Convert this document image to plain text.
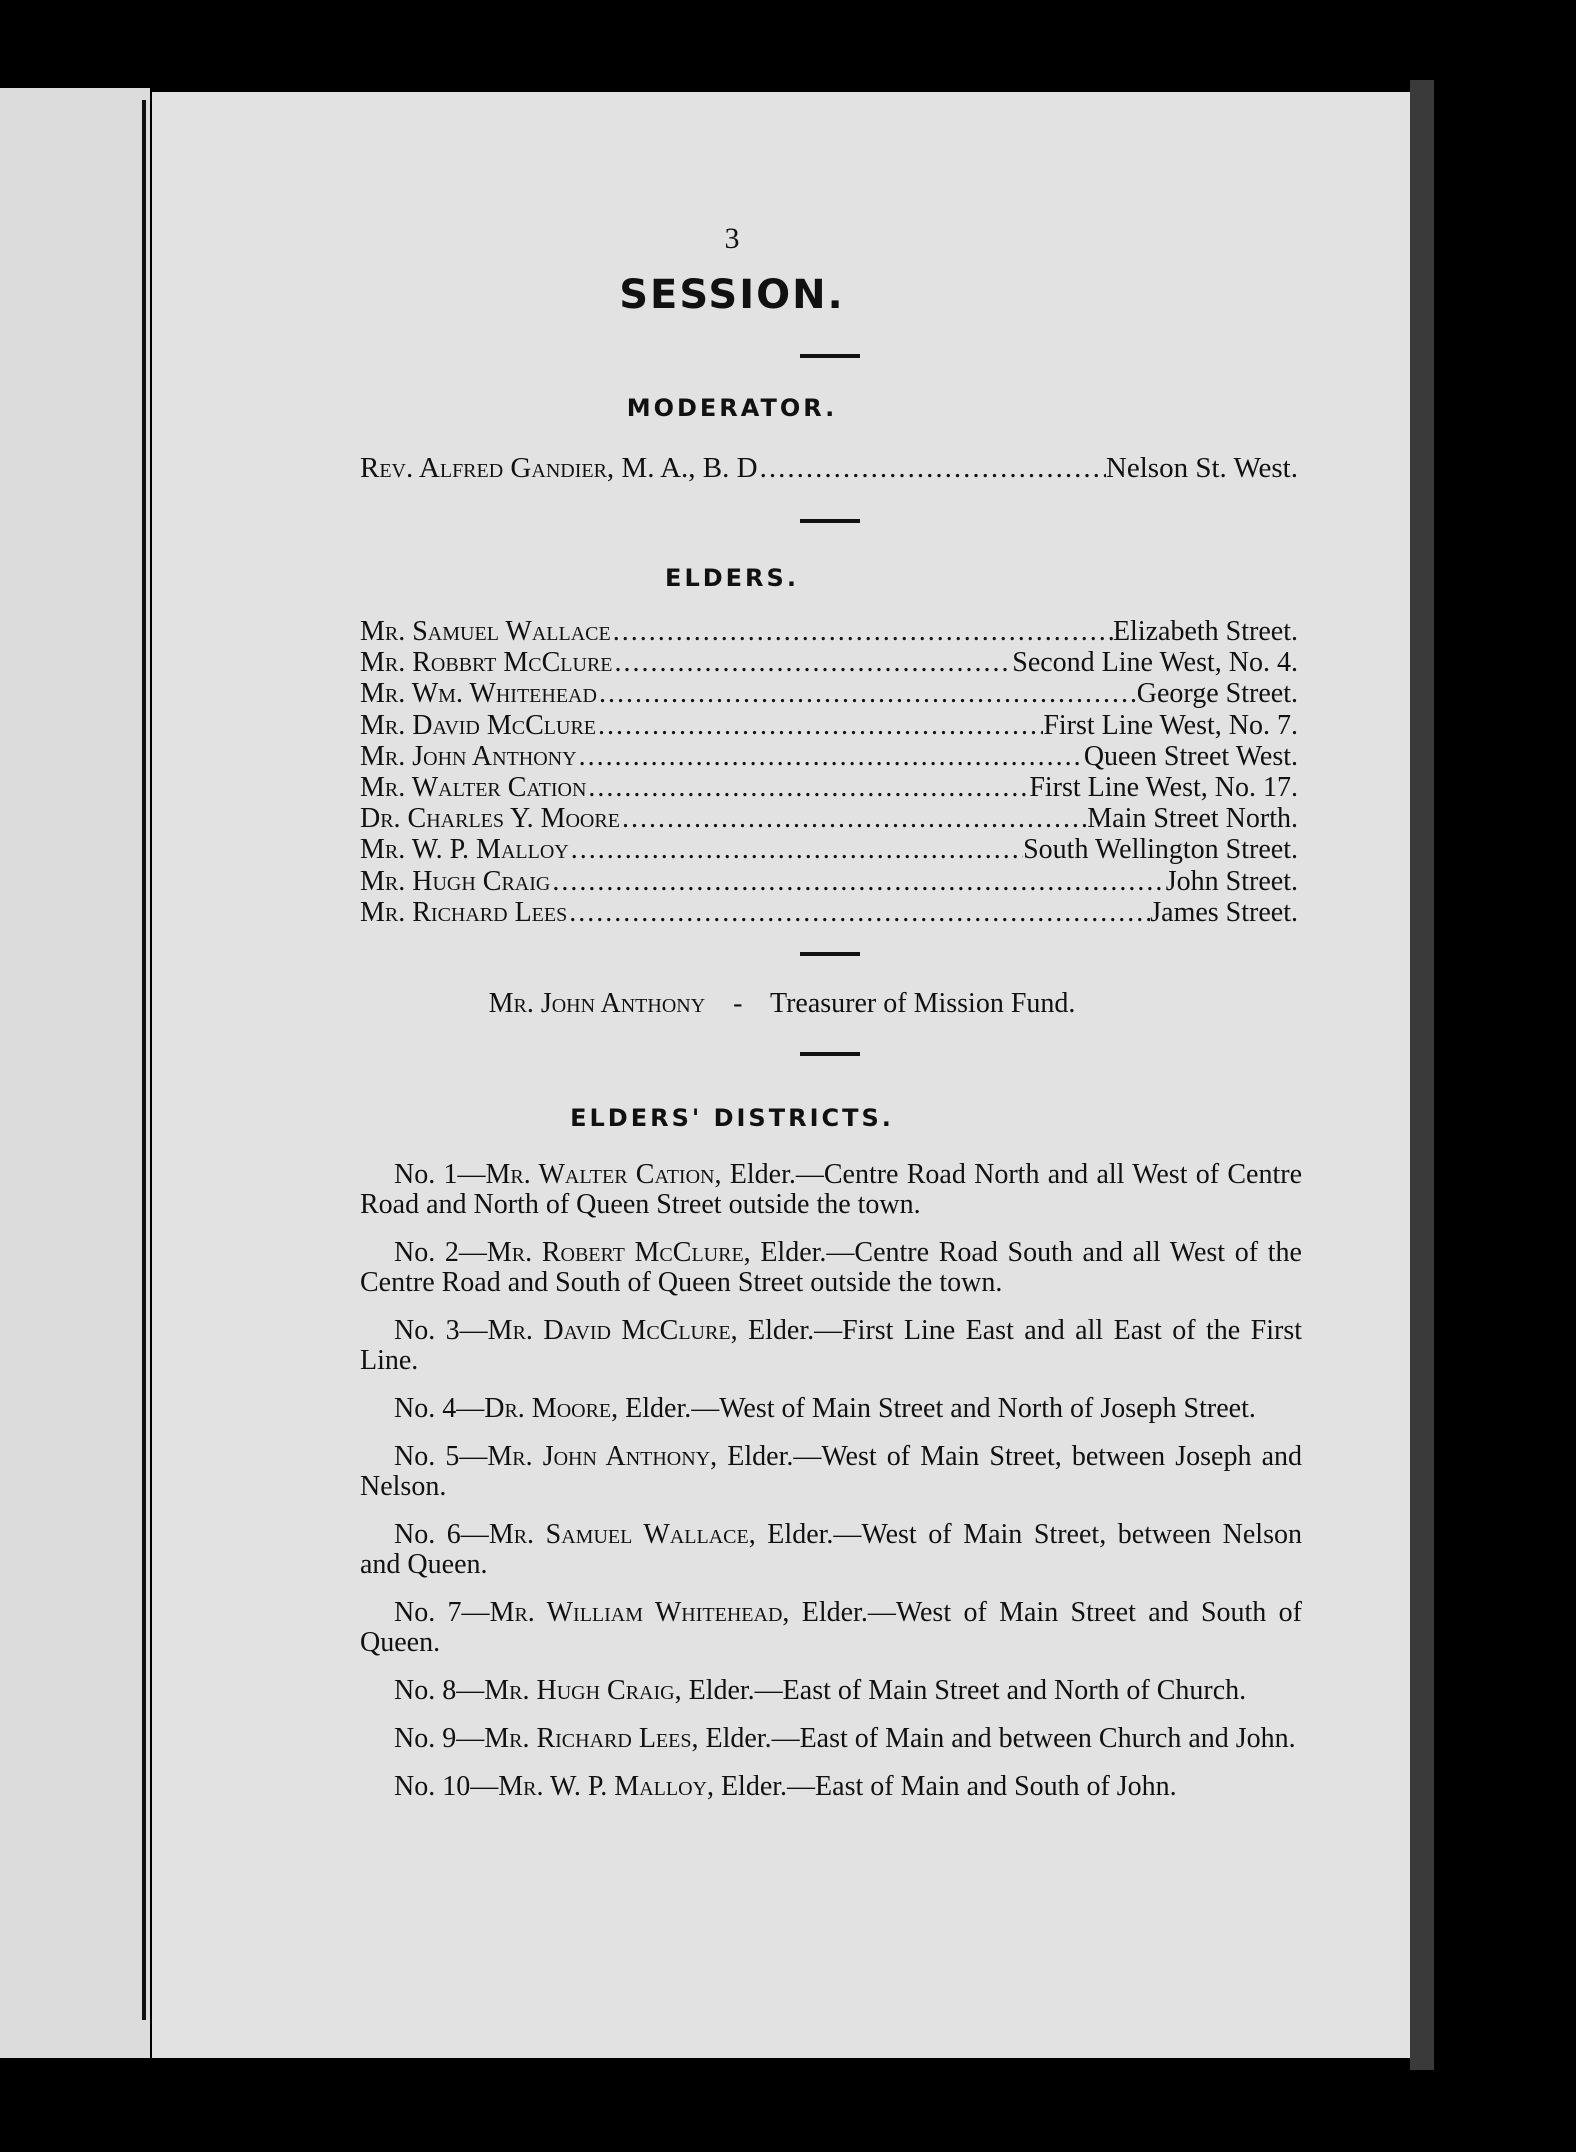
3
SESSION.
MODERATOR.
Rev. Alfred Gandier, M. A., B. D .....	Nelson St. West.
ELDERS.
Mr. Samuel Wallace .....	Elizabeth Street.
Mr. Robbrt McClure .....	Second Line West, No. 4.
Mr. Wm. Whitehead .....	George Street.
Mr. David McClure .....	First Line West, No. 7.
Mr. John Anthony .....	Queen Street West.
Mr. Walter Cation .....	First Line West, No. 17.
Dr. Charles Y. Moore .....	Main Street North.
Mr. W. P. Malloy .....	South Wellington Street.
Mr. Hugh Craig .....	John Street.
Mr. Richard Lees .....	James Street.
Mr. John Anthony - Treasurer of Mission Fund.
ELDERS' DISTRICTS.

No. 1—Mr. Walter Cation, Elder.—Centre Road North and all West of Centre Road and North of Queen Street outside the town.

No. 2—Mr. Robert McClure, Elder.—Centre Road South and all West of the Centre Road and South of Queen Street outside the town.

No. 3—Mr. David McClure, Elder.—First Line East and all East of the First Line.

No. 4—Dr. Moore, Elder.—West of Main Street and North of Joseph Street.

No. 5—Mr. John Anthony, Elder.—West of Main Street, between Joseph and Nelson.

No. 6—Mr. Samuel Wallace, Elder.—West of Main Street, between Nelson and Queen.

No. 7—Mr. William Whitehead, Elder.—West of Main Street and South of Queen.

No. 8—Mr. Hugh Craig, Elder.—East of Main Street and North of Church.

No. 9—Mr. Richard Lees, Elder.—East of Main and between Church and John.

No. 10—Mr. W. P. Malloy, Elder.—East of Main and South of John.
